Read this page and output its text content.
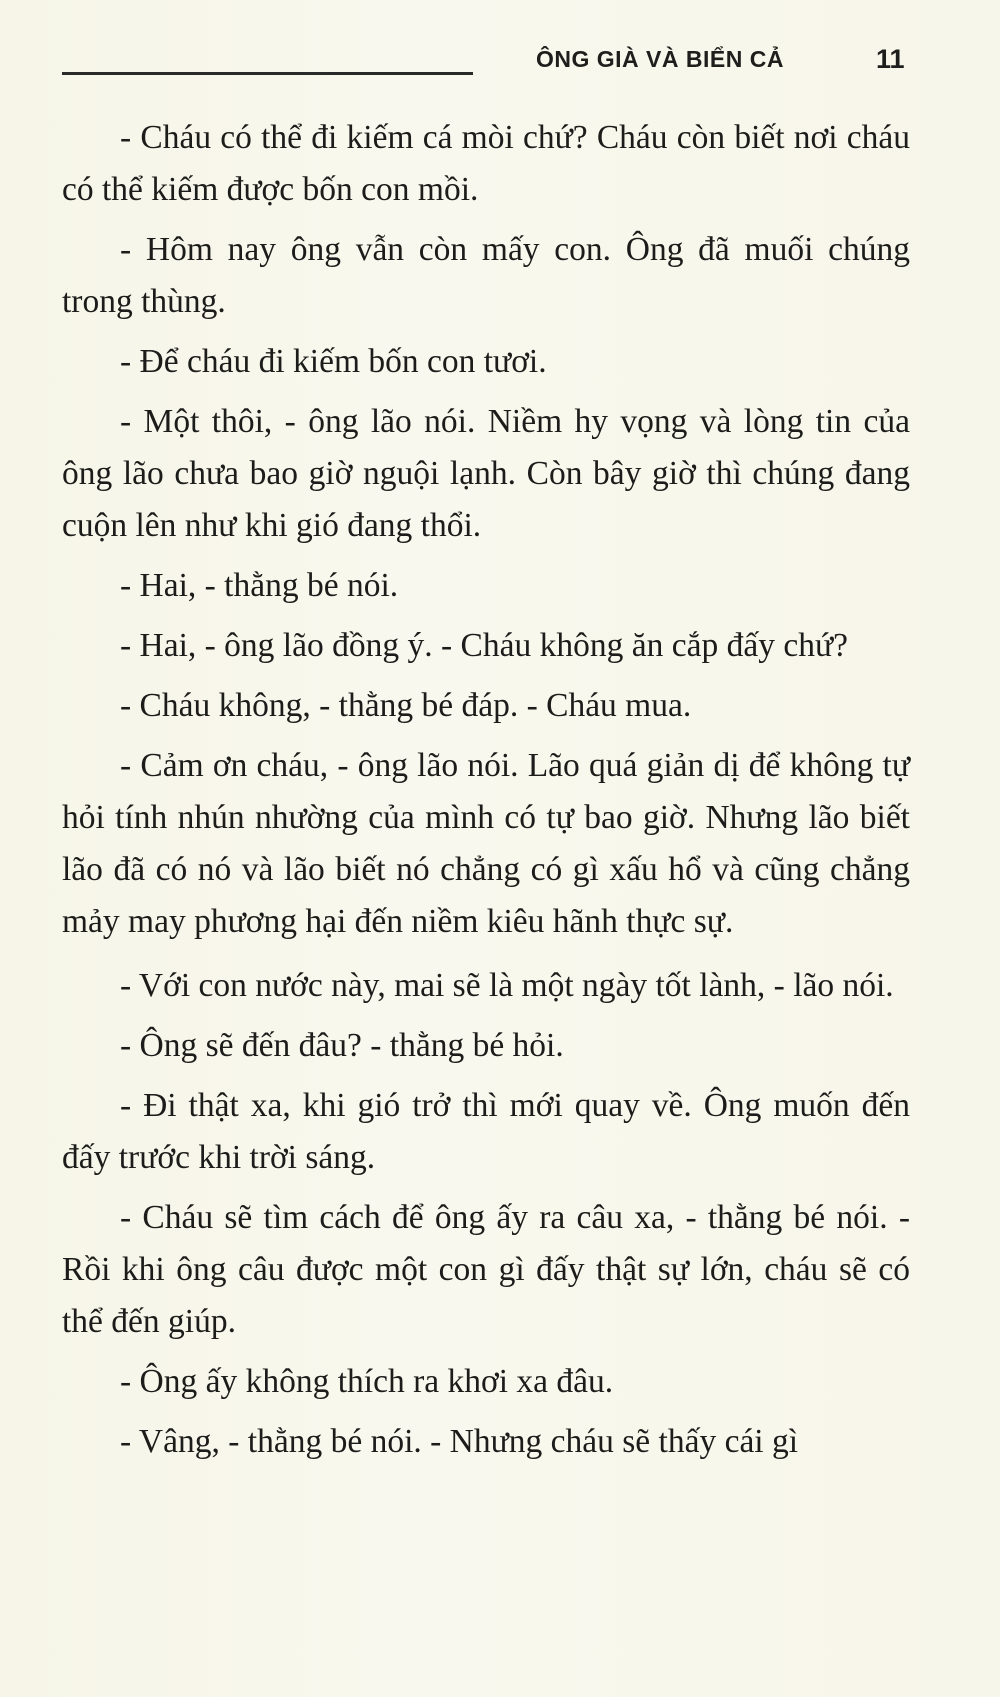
ÔNG GIÀ VÀ BIỂN CẢ	11

- Cháu có thể đi kiếm cá mòi chứ? Cháu còn biết nơi cháu có thể kiếm được bốn con mồi.

- Hôm nay ông vẫn còn mấy con. Ông đã muối chúng trong thùng.

- Để cháu đi kiếm bốn con tươi.

- Một thôi, - ông lão nói. Niềm hy vọng và lòng tin của ông lão chưa bao giờ nguội lạnh. Còn bây giờ thì chúng đang cuộn lên như khi gió đang thổi.

- Hai, - thằng bé nói.

- Hai, - ông lão đồng ý. - Cháu không ăn cắp đấy chứ?

- Cháu không, - thằng bé đáp. - Cháu mua.

- Cảm ơn cháu, - ông lão nói. Lão quá giản dị để không tự hỏi tính nhún nhường của mình có tự bao giờ. Nhưng lão biết lão đã có nó và lão biết nó chẳng có gì xấu hổ và cũng chẳng mảy may phương hại đến niềm kiêu hãnh thực sự.

- Với con nước này, mai sẽ là một ngày tốt lành, - lão nói.

- Ông sẽ đến đâu? - thằng bé hỏi.

- Đi thật xa, khi gió trở thì mới quay về. Ông muốn đến đấy trước khi trời sáng.

- Cháu sẽ tìm cách để ông ấy ra câu xa, - thằng bé nói. - Rồi khi ông câu được một con gì đấy thật sự lớn, cháu sẽ có thể đến giúp.

- Ông ấy không thích ra khơi xa đâu.

- Vâng, - thằng bé nói. - Nhưng cháu sẽ thấy cái gì
